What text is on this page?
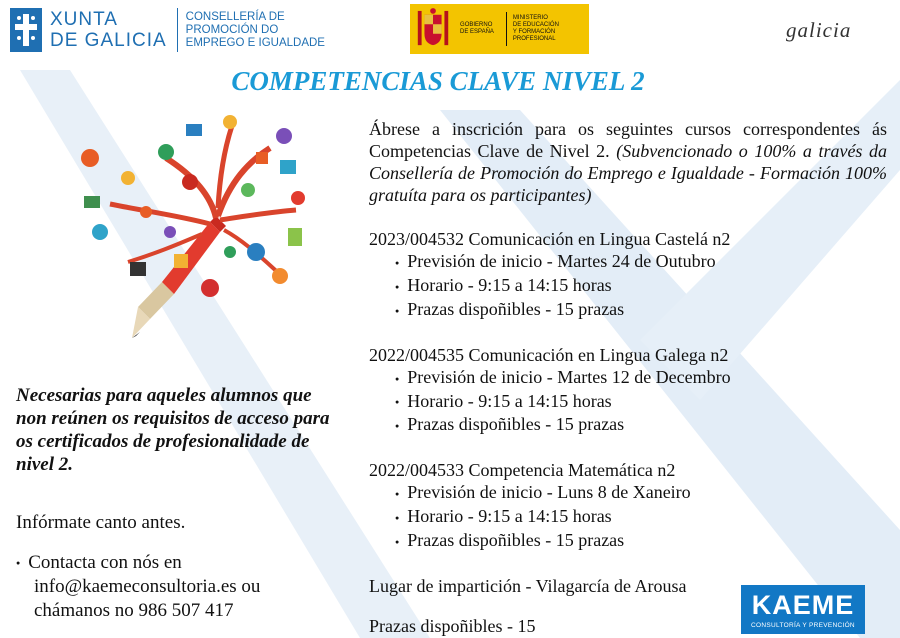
XUNTA
DE GALICIA
CONSELLERÍA DE
PROMOCIÓN DO
EMPREGO E IGUALDADE
GOBIERNO
DE ESPAÑA
MINISTERIO
DE EDUCACIÓN
Y FORMACIÓN PROFESIONAL	galicia
COMPETENCIAS CLAVE NIVEL 2
Necesarias para aqueles alumnos que non reúnen os requisitos de acceso para os certificados de profesionalidade de nivel 2.
Infórmate canto antes.
● Contacta con nós en
info@kaemeconsultoria.es ou
chámanos no 986 507 417
Ábrese a inscrición para os seguintes cursos correspondentes ás Competencias Clave de Nivel 2. (Subvencionado o 100% a través da Consellería de Promoción do Emprego e Igualdade - Formación 100% gratuíta para os participantes)
2023/004532 Comunicación en Lingua Castelá n2
● Previsión de inicio - Martes 24 de Outubro
● Horario - 9:15 a 14:15 horas
● Prazas dispoñibles - 15 prazas
2022/004535 Comunicación en Lingua Galega n2
● Previsión de inicio - Martes 12 de Decembro
● Horario - 9:15 a 14:15 horas
● Prazas dispoñibles - 15 prazas
2022/004533 Competencia Matemática n2
● Previsión de inicio - Luns 8 de Xaneiro
● Horario - 9:15 a 14:15 horas
● Prazas dispoñibles - 15 prazas
Lugar de impartición - Vilagarcía de Arousa
Prazas dispoñibles - 15
KAEME
CONSULTORÍA Y PREVENCIÓN
